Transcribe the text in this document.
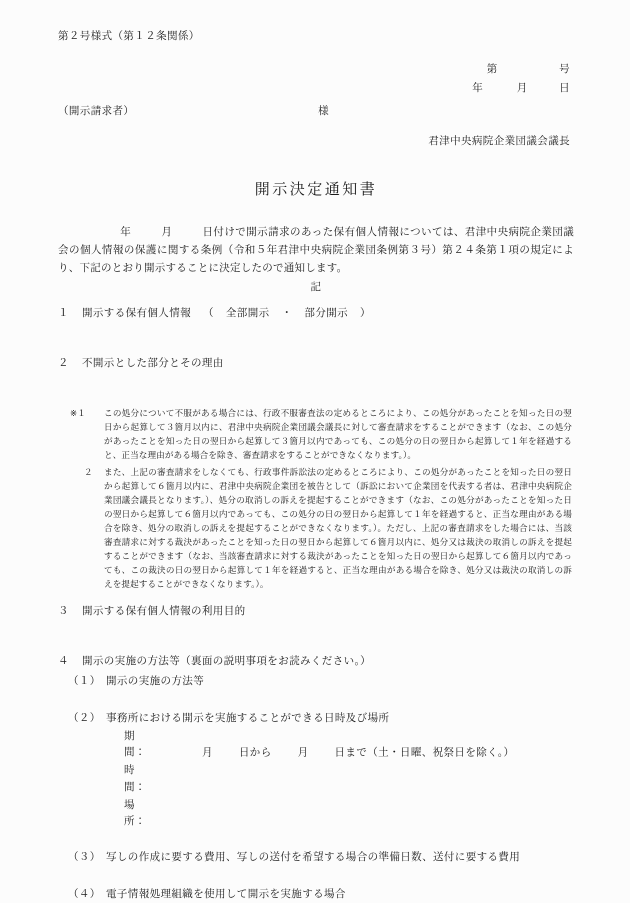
第２号様式（第１２条関係）
第	号
年	月	日
（開示請求者）	様
君津中央病院企業団議会議長
開示決定通知書

年	月	日付けで開示請求のあった保有個人情報については、君津中央病院企業団議会の個人情報の保護に関する条例（令和５年君津中央病院企業団条例第３号）第２４条第１項の規定により、下記のとおり開示することに決定したので通知します。

記
１ 開示する保有個人情報 （ 全部開示 ・ 部分開示 ）
２ 不開示とした部分とその理由
※１	この処分について不服がある場合には、行政不服審査法の定めるところにより、この処分があったことを知った日の翌日から起算して３箇月以内に、君津中央病院企業団議会議長に対して審査請求をすることができます（なお、この処分があったことを知った日の翌日から起算して３箇月以内であっても、この処分の日の翌日から起算して１年を経過すると、正当な理由がある場合を除き、審査請求をすることができなくなります。）。
２	また、上記の審査請求をしなくても、行政事件訴訟法の定めるところにより、この処分があったことを知った日の翌日から起算して６箇月以内に、君津中央病院企業団を被告として（訴訟において企業団を代表する者は、君津中央病院企業団議会議長となります。）、処分の取消しの訴えを提起することができます（なお、この処分があったことを知った日の翌日から起算して６箇月以内であっても、この処分の日の翌日から起算して１年を経過すると、正当な理由がある場合を除き、処分の取消しの訴えを提起することができなくなります。）。ただし、上記の審査請求をした場合には、当該審査請求に対する裁決があったことを知った日の翌日から起算して６箇月以内に、処分又は裁決の取消しの訴えを提起することができます（なお、当該審査請求に対する裁決があったことを知った日の翌日から起算して６箇月以内であっても、この裁決の日の翌日から起算して１年を経過すると、正当な理由がある場合を除き、処分又は裁決の取消しの訴えを提起することができなくなります。）。
３ 開示する保有個人情報の利用目的
４ 開示の実施の方法等（裏面の説明事項をお読みください。）
（１） 開示の実施の方法等
（２） 事務所における開示を実施することができる日時及び場所
期　　間：	月 日から 月 日まで（土・日曜、祝祭日を除く。）
時　　間：
場　　所：
（３） 写しの作成に要する費用、写しの送付を希望する場合の準備日数、送付に要する費用
（４） 電子情報処理組織を使用して開示を実施する場合
